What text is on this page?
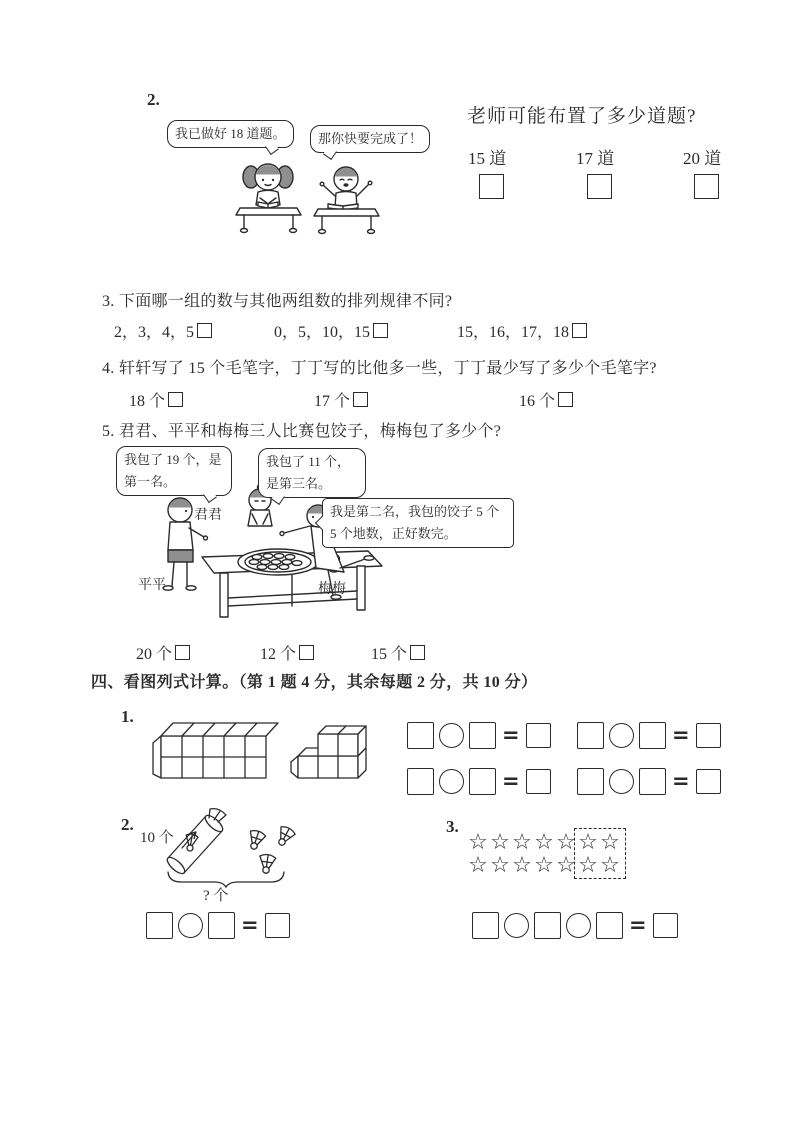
2.
我已做好 18 道题。	那你快要完成了！
老师可能布置了多少道题?
15 道	17 道	20 道
3. 下面哪一组的数与其他两组数的排列规律不同?
2，3，4，5	0，5，10，15	15，16，17，18
4. 轩轩写了 15 个毛笔字，丁丁写的比他多一些，丁丁最少写了多少个毛笔字?
18 个	17 个	16 个
5. 君君、平平和梅梅三人比赛包饺子，梅梅包了多少个?
我包了 19 个，是第一名。
我包了 11 个，是第三名。
我是第二名，我包的饺子 5 个 5 个地数，正好数完。
君君
平平	梅梅
20 个	12 个	15 个
四、看图列式计算。（第 1 题 4 分，其余每题 2 分，共 10 分）
1.
=	=
=	=
2.
10 个
? 个
=
3.
☆ ☆ ☆ ☆ ☆ ☆ ☆
☆ ☆ ☆ ☆ ☆ ☆ ☆
=
